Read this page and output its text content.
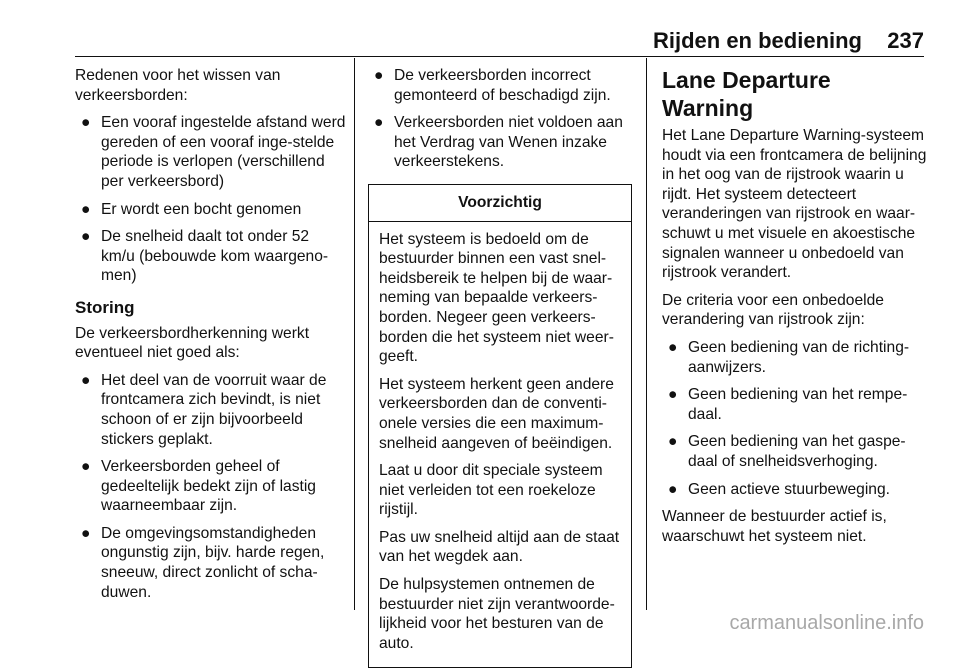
Rijden en bediening 237

Redenen voor het wissen van verkeersborden:

● Een vooraf ingestelde afstand werd gereden of een vooraf inge-stelde periode is verlopen (verschillend per verkeersbord)
● Er wordt een bocht genomen
● De snelheid daalt tot onder 52 km/u (bebouwde kom waargeno-men)
Storing

De verkeersbordherkenning werkt eventueel niet goed als:

● Het deel van de voorruit waar de frontcamera zich bevindt, is niet schoon of er zijn bijvoorbeeld stickers geplakt.
● Verkeersborden geheel of gedeeltelijk bedekt zijn of lastig waarneembaar zijn.
● De omgevingsomstandigheden ongunstig zijn, bijv. harde regen, sneeuw, direct zonlicht of scha-duwen.
● De verkeersborden incorrect gemonteerd of beschadigd zijn.
● Verkeersborden niet voldoen aan het Verdrag van Wenen inzake verkeerstekens.
Voorzichtig

Het systeem is bedoeld om de bestuurder binnen een vast snel-heidsbereik te helpen bij de waar-neming van bepaalde verkeers-borden. Negeer geen verkeers-borden die het systeem niet weer-geeft.

Het systeem herkent geen andere verkeersborden dan de conventi-onele versies die een maximum-snelheid aangeven of beëindigen.

Laat u door dit speciale systeem niet verleiden tot een roekeloze rijstijl.

Pas uw snelheid altijd aan de staat van het wegdek aan.

De hulpsystemen ontnemen de bestuurder niet zijn verantwoorde-lijkheid voor het besturen van de auto.

Lane Departure Warning

Het Lane Departure Warning-systeem houdt via een frontcamera de belijning in het oog van de rijstrook waarin u rijdt. Het systeem detecteert veranderingen van rijstrook en waar-schuwt u met visuele en akoestische signalen wanneer u onbedoeld van rijstrook verandert.

De criteria voor een onbedoelde verandering van rijstrook zijn:

● Geen bediening van de richting-aanwijzers.
● Geen bediening van het rempe-daal.
● Geen bediening van het gaspe-daal of snelheidsverhoging.
● Geen actieve stuurbeweging.

Wanneer de bestuurder actief is, waarschuwt het systeem niet.

carmanualsonline.info
